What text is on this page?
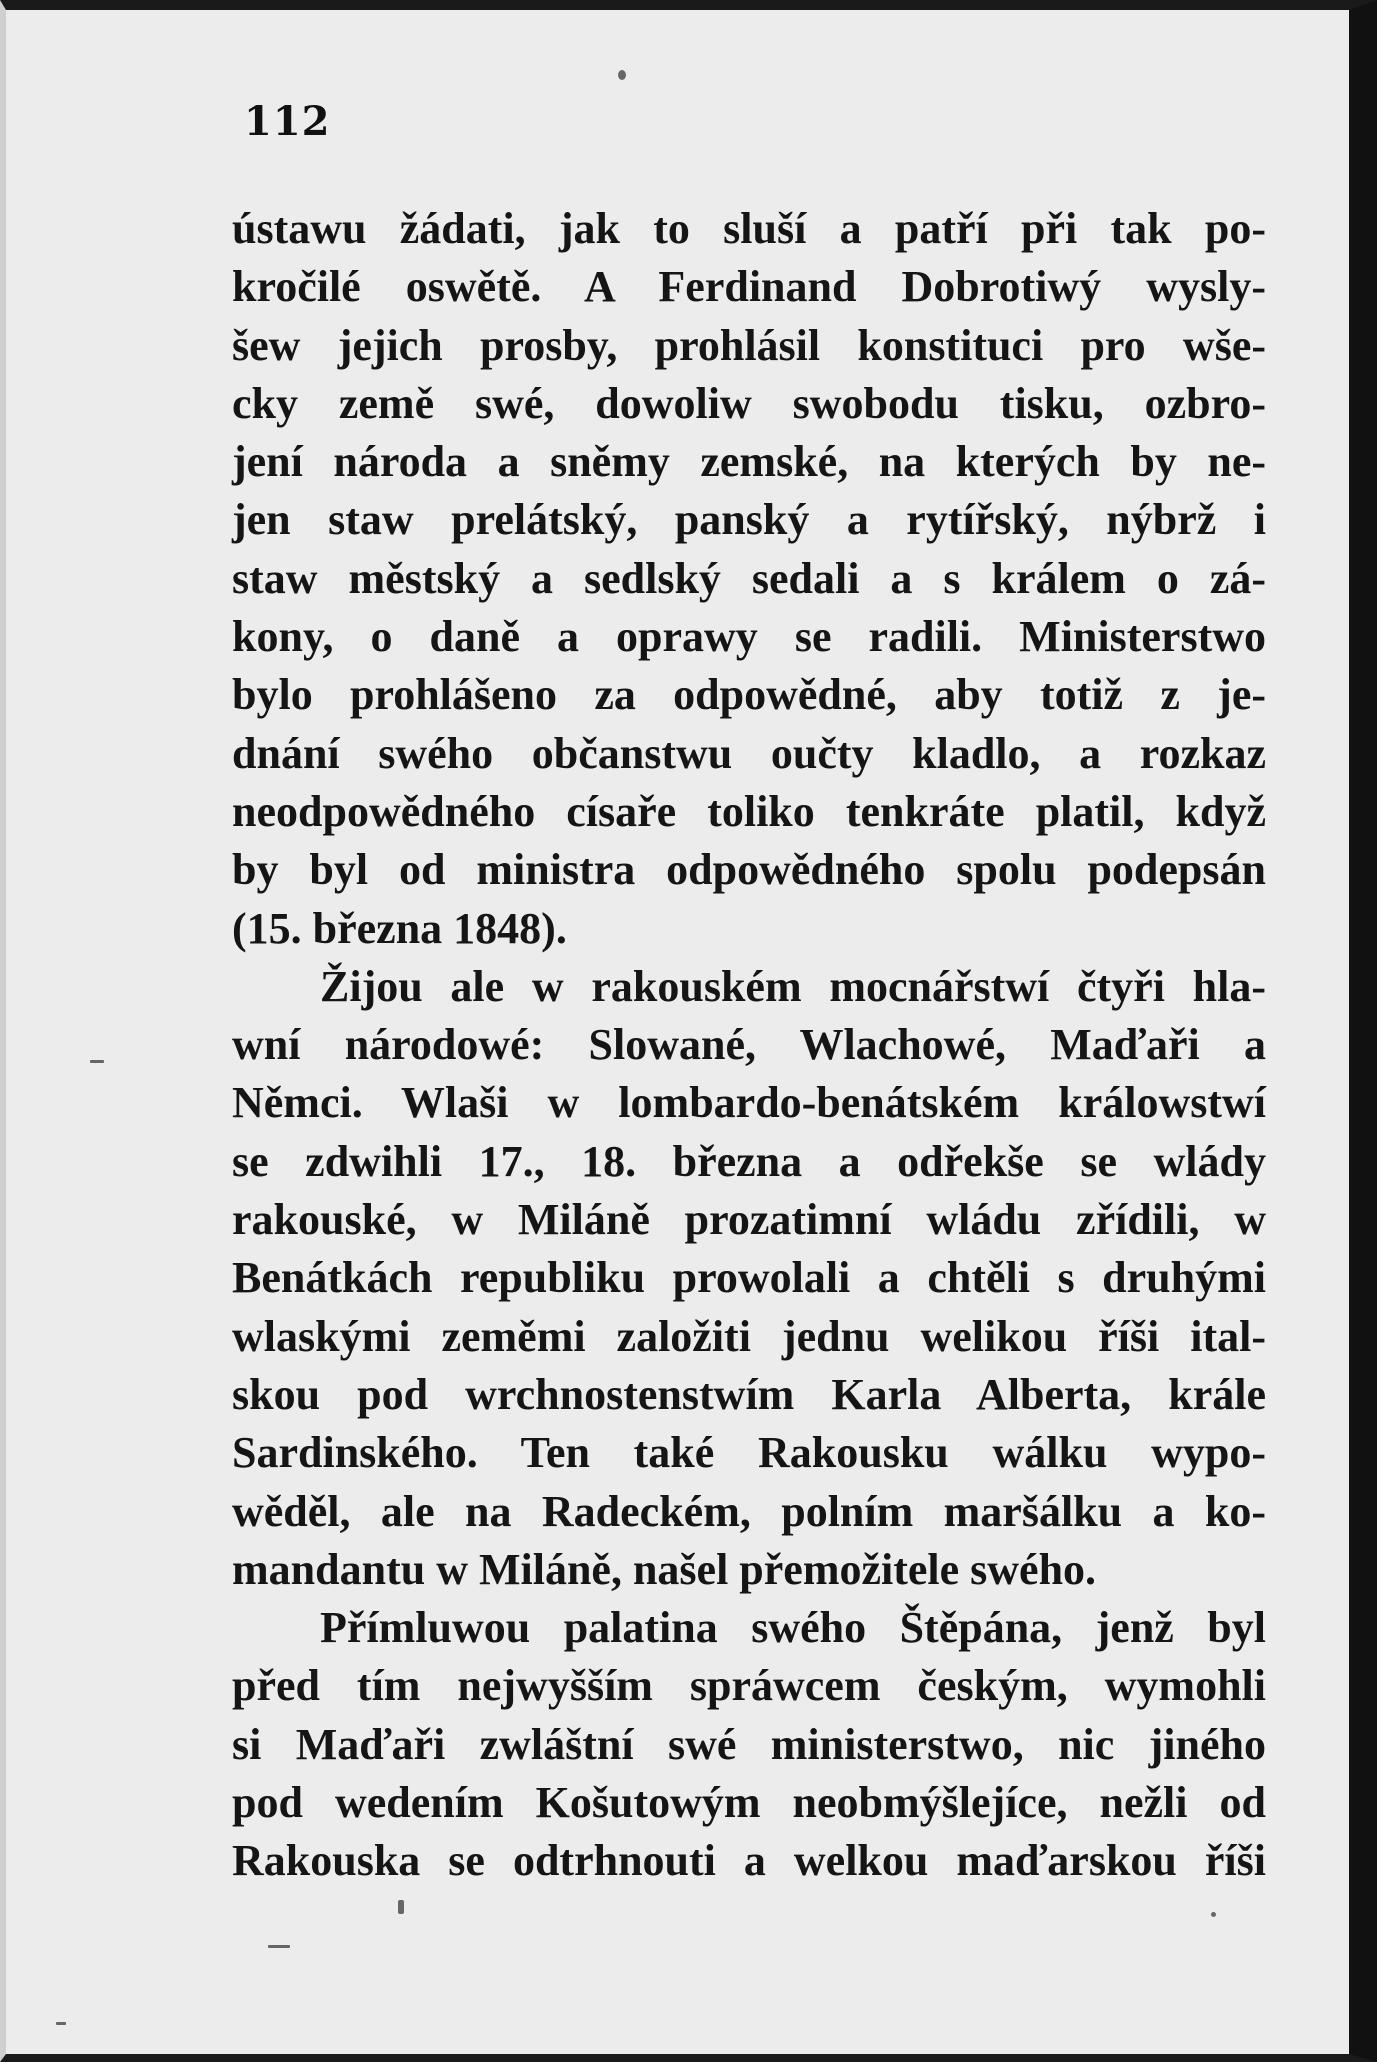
112
ústawu žádati, jak to sluší a patří při tak po-
kročilé oswětě. A Ferdinand Dobrotiwý wysly-
šew jejich prosby, prohlásil konstituci pro wše-
cky země swé, dowoliw swobodu tisku, ozbro-
jení národa a sněmy zemské, na kterých by ne-
jen staw prelátský, panský a rytířský, nýbrž i
staw městský a sedlský sedali a s králem o zá-
kony, o daně a oprawy se radili. Ministerstwo
bylo prohlášeno za odpowědné, aby totiž z je-
dnání swého občanstwu oučty kladlo, a rozkaz
neodpowědného císaře toliko tenkráte platil, když
by byl od ministra odpowědného spolu podepsán
(15. března 1848).
Žijou ale w rakouském mocnářstwí čtyři hla-
wní národowé: Slowané, Wlachowé, Maďaři a
Němci. Wlaši w lombardo-benátském králowstwí
se zdwihli 17., 18. března a odřekše se wlády
rakouské, w Miláně prozatimní wládu zřídili, w
Benátkách republiku prowolali a chtěli s druhými
wlaskými zeměmi založiti jednu welikou říši ital-
skou pod wrchnostenstwím Karla Alberta, krále
Sardinského. Ten také Rakousku wálku wypo-
wěděl, ale na Radeckém, polním maršálku a ko-
mandantu w Miláně, našel přemožitele swého.
Přímluwou palatina swého Štěpána, jenž byl
před tím nejwyšším spráwcem českým, wymohli
si Maďaři zwláštní swé ministerstwo, nic jiného
pod wedením Košutowým neobmýšlejíce, nežli od
Rakouska se odtrhnouti a welkou maďarskou říši
